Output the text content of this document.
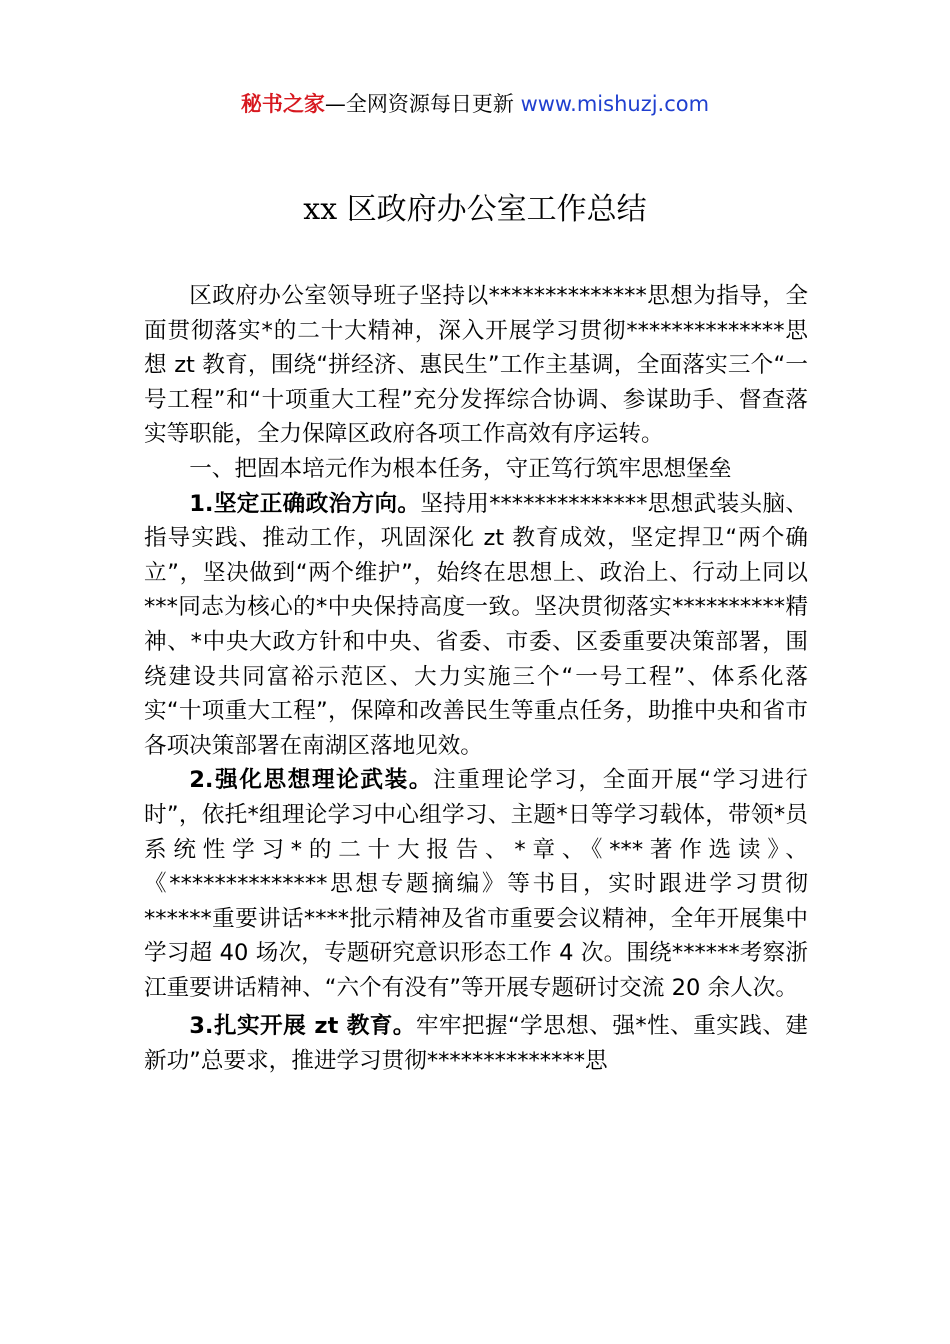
秘书之家—全网资源每日更新 www.mishuzj.com
xx 区政府办公室工作总结

区政府办公室领导班子坚持以**************思想为指导，全面贯彻落实*的二十大精神，深入开展学习贯彻**************思想 zt 教育，围绕“拼经济、惠民生”工作主基调，全面落实三个“一号工程”和“十项重大工程”充分发挥综合协调、参谋助手、督查落实等职能，全力保障区政府各项工作高效有序运转。

一、把固本培元作为根本任务，守正笃行筑牢思想堡垒

1.坚定正确政治方向。坚持用**************思想武装头脑、指导实践、推动工作，巩固深化 zt 教育成效，坚定捍卫“两个确立”，坚决做到“两个维护”，始终在思想上、政治上、行动上同以***同志为核心的*中央保持高度一致。坚决贯彻落实**********精神、*中央大政方针和中央、省委、市委、区委重要决策部署，围绕建设共同富裕示范区、大力实施三个“一号工程”、体系化落实“十项重大工程”，保障和改善民生等重点任务，助推中央和省市各项决策部署在南湖区落地见效。

2.强化思想理论武装。注重理论学习，全面开展“学习进行时”，依托*组理论学习中心组学习、主题*日等学习载体，带领*员系统性学习*的二十大报告、*章、《***著作选读》、《**************思想专题摘编》等书目，实时跟进学习贯彻******重要讲话****批示精神及省市重要会议精神，全年开展集中学习超 40 场次，专题研究意识形态工作 4 次。围绕******考察浙江重要讲话精神、“六个有没有”等开展专题研讨交流 20 余人次。

3.扎实开展 zt 教育。牢牢把握“学思想、强*性、重实践、建新功”总要求，推进学习贯彻**************思
